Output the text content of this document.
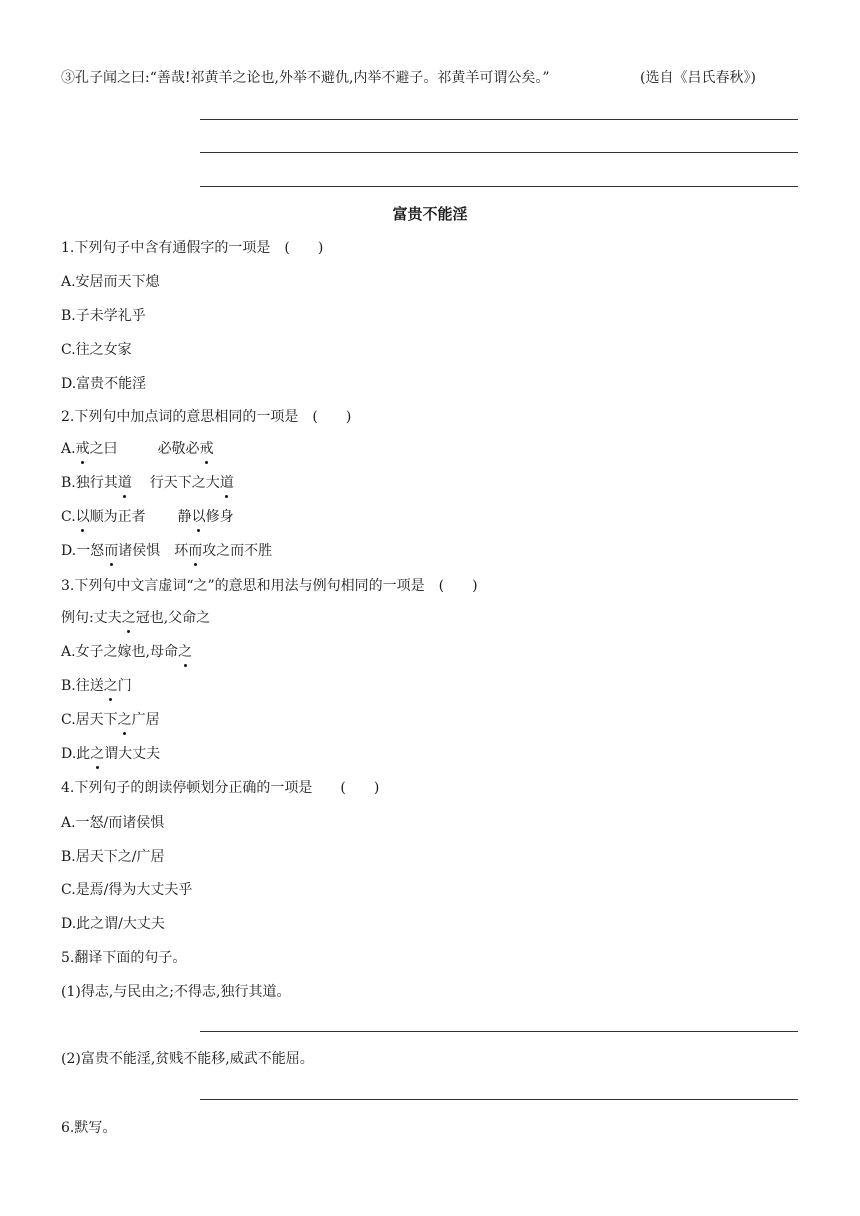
③孔子闻之曰:“善哉!祁黄羊之论也,外举不避仇,内举不避子。祁黄羊可谓公矣。”	(选自《吕氏春秋》)
富贵不能淫
1.下列句子中含有通假字的一项是　(　　)
A.安居而天下熄
B.子未学礼乎
C.往之女家
D.富贵不能淫
2.下列句中加点词的意思相同的一项是　(　　)
A.戒之曰	必敬必戒
B.独行其道 行天下之大道
C.以顺为正者 静以修身
D.一怒而诸侯惧 环而攻之而不胜
3.下列句中文言虚词“之”的意思和用法与例句相同的一项是　(　　)
例句:丈夫之冠也,父命之
A.女子之嫁也,母命之
B.往送之门
C.居天下之广居
D.此之谓大丈夫
4.下列句子的朗读停顿划分正确的一项是　　(　　)
A.一怒/而诸侯惧
B.居天下之/广居
C.是焉/得为大丈夫乎
D.此之谓/大丈夫
5.翻译下面的句子。
(1)得志,与民由之;不得志,独行其道。
(2)富贵不能淫,贫贱不能移,威武不能屈。
6.默写。
